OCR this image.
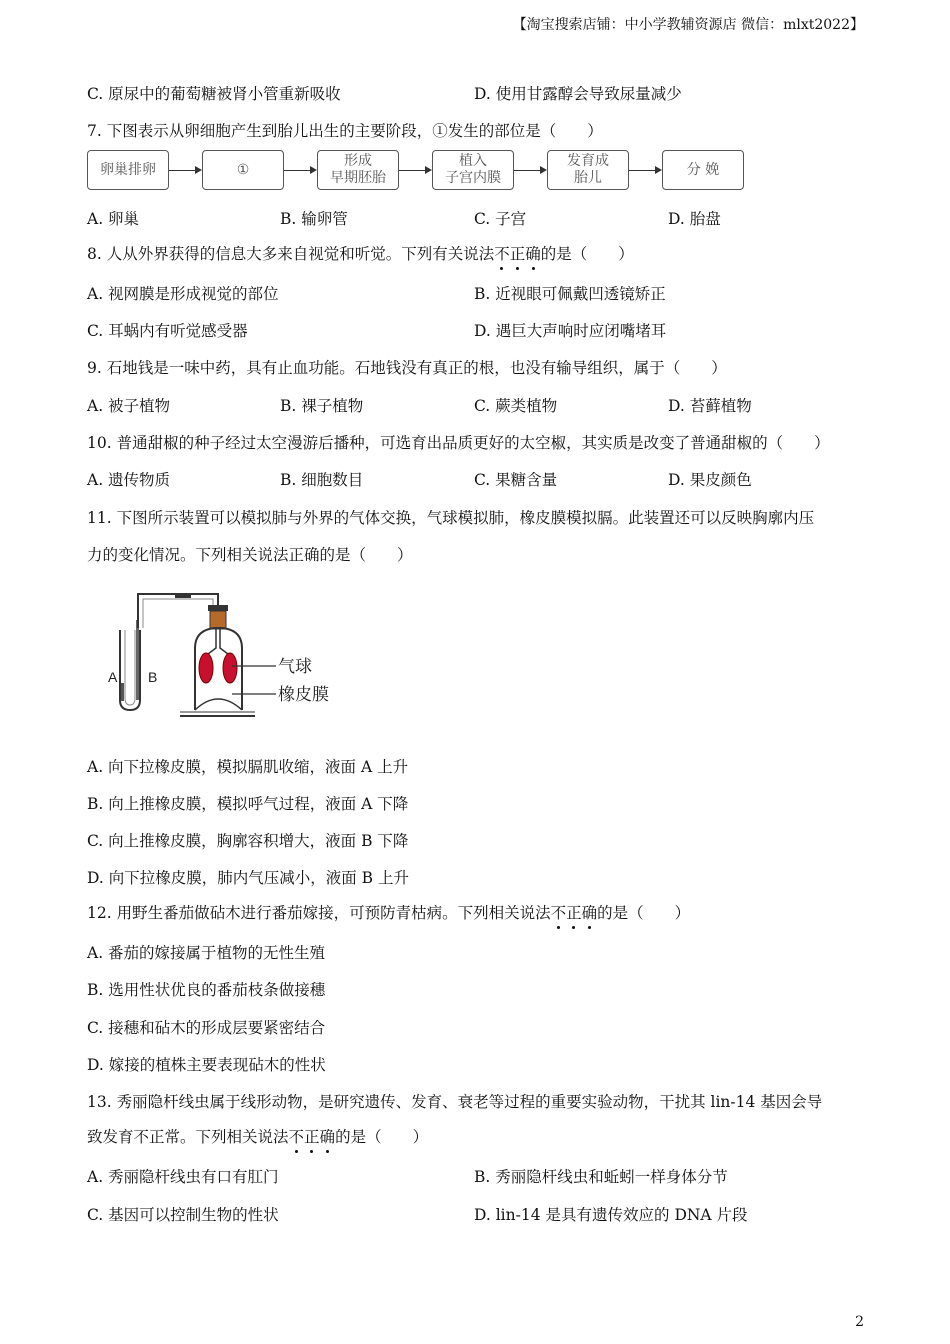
【淘宝搜索店铺：中小学教辅资源店 微信：mlxt2022】
C. 原尿中的葡萄糖被肾小管重新吸收	D. 使用甘露醇会导致尿量减少
7. 下图表示从卵细胞产生到胎儿出生的主要阶段，①发生的部位是（　　）
卵巢排卵	①
形成
早期胚胎
植入
子宫内膜
发育成
胎儿
分 娩
A. 卵巢	B. 输卵管	C. 子宫	D. 胎盘
8. 人从外界获得的信息大多来自视觉和听觉。下列有关说法不正确的是（　　）
A. 视网膜是形成视觉的部位	B. 近视眼可佩戴凹透镜矫正
C. 耳蜗内有听觉感受器	D. 遇巨大声响时应闭嘴堵耳
9. 石地钱是一味中药，具有止血功能。石地钱没有真正的根，也没有输导组织，属于（　　）
A. 被子植物	B. 裸子植物	C. 蕨类植物	D. 苔藓植物
10. 普通甜椒的种子经过太空漫游后播种，可选育出品质更好的太空椒，其实质是改变了普通甜椒的（　　）
A. 遗传物质	B. 细胞数目	C. 果糖含量	D. 果皮颜色
11. 下图所示装置可以模拟肺与外界的气体交换，气球模拟肺，橡皮膜模拟膈。此装置还可以反映胸廓内压
力的变化情况。下列相关说法正确的是（　　）
A B	气球
橡皮膜
A. 向下拉橡皮膜，模拟膈肌收缩，液面 A 上升
B. 向上推橡皮膜，模拟呼气过程，液面 A 下降
C. 向上推橡皮膜，胸廓容积增大，液面 B 下降
D. 向下拉橡皮膜，肺内气压减小，液面 B 上升
12. 用野生番茄做砧木进行番茄嫁接，可预防青枯病。下列相关说法不正确的是（　　）
A. 番茄的嫁接属于植物的无性生殖
B. 选用性状优良的番茄枝条做接穗
C. 接穗和砧木的形成层要紧密结合
D. 嫁接的植株主要表现砧木的性状
13. 秀丽隐杆线虫属于线形动物，是研究遗传、发育、衰老等过程的重要实验动物，干扰其 lin-14 基因会导
致发育不正常。下列相关说法不正确的是（　　）
A. 秀丽隐杆线虫有口有肛门	B. 秀丽隐杆线虫和蚯蚓一样身体分节
C. 基因可以控制生物的性状	D. lin-14 是具有遗传效应的 DNA 片段
2
